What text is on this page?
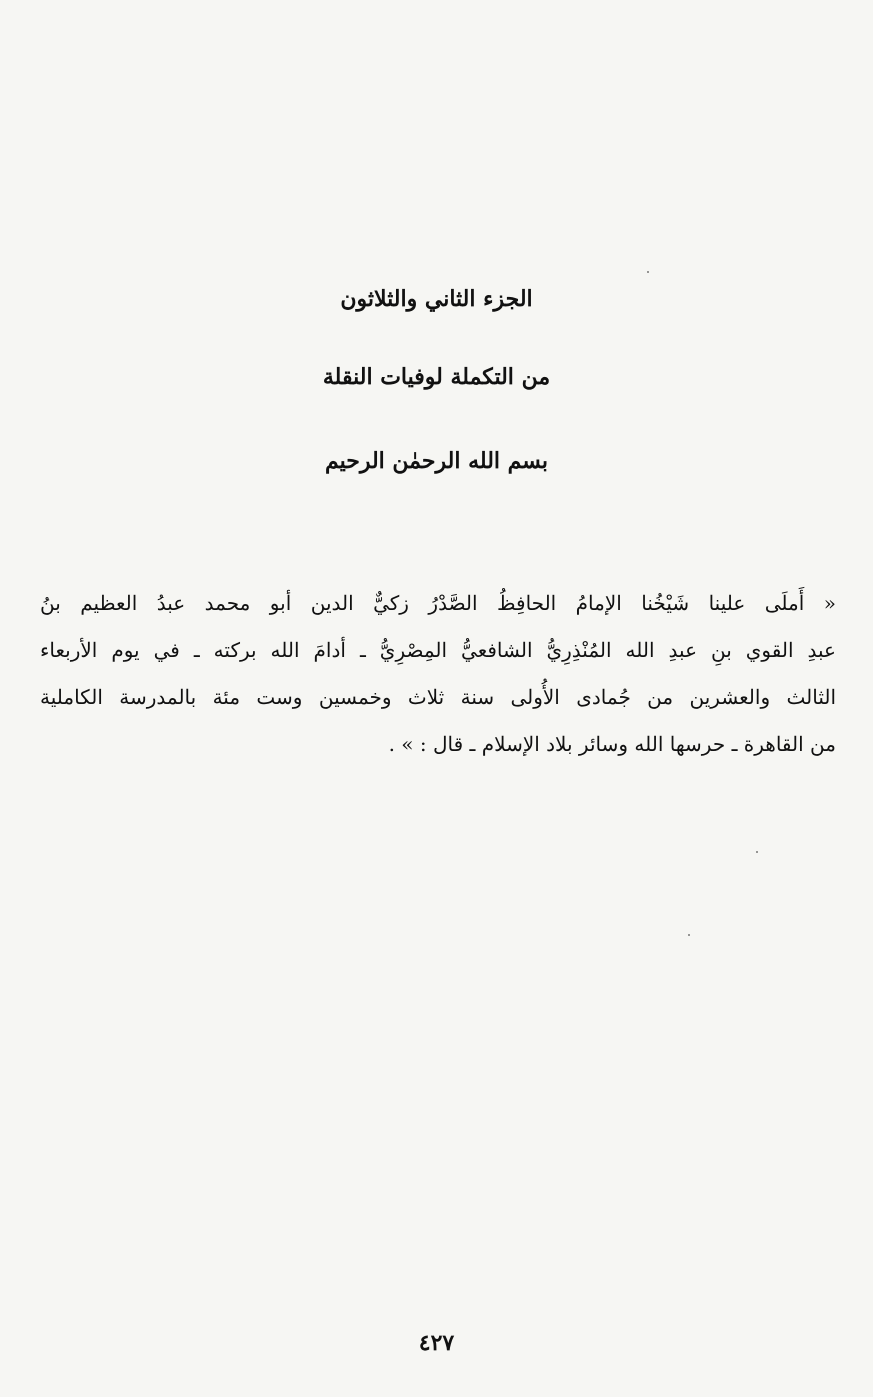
الجزء الثاني والثلاثون
من التكملة لوفيات النقلة
بسم الله الرحمٰن الرحيم
« أَملَى علينا شَيْخُنا الإمامُ الحافِظُ الصَّدْرُ زكيٌّ الدين أبو محمد عبدُ العظيم بنُ
عبدِ القوي بنِ عبدِ الله المُنْذِرِيُّ الشافعيُّ المِصْرِيُّ ـ أدامَ الله بركته ـ في يوم الأربعاء
الثالث والعشرين من جُمادى الأُولى سنة ثلاث وخمسين وست مئة بالمدرسة الكاملية
من القاهرة ـ حرسها الله وسائر بلاد الإسلام ـ قال : » .
٤٢٧
